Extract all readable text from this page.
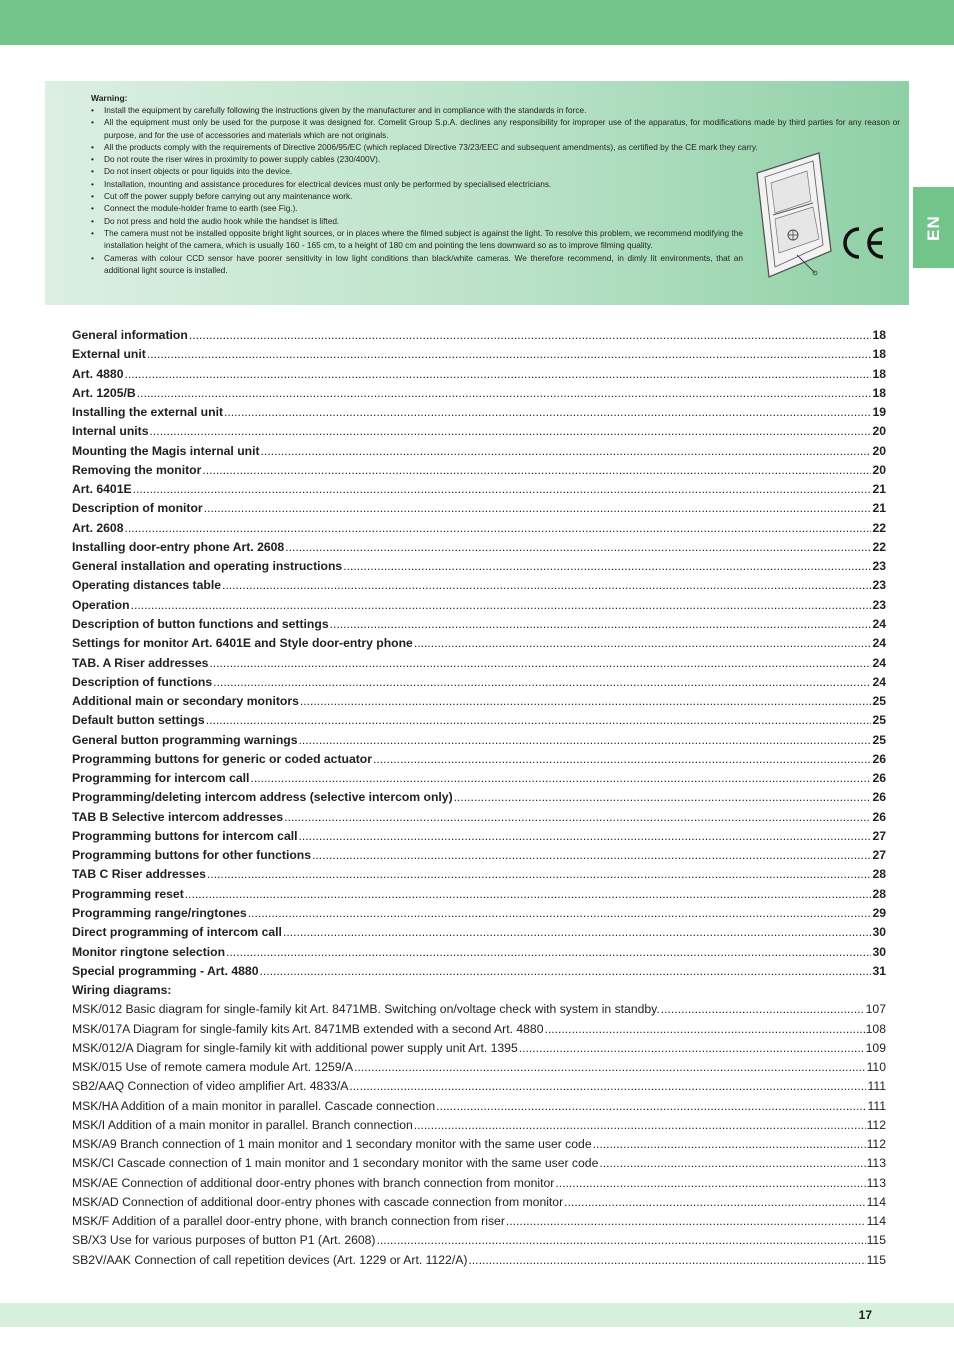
Warning:
• Install the equipment by carefully following the instructions given by the manufacturer and in compliance with the standards in force.
• All the equipment must only be used for the purpose it was designed for. Comelit Group S.p.A. declines any responsibility for improper use of the apparatus, for modifications made by third parties for any reason or purpose, and for the use of accessories and materials which are not originals.
• All the products comply with the requirements of Directive 2006/95/EC (which replaced Directive 73/23/EEC and subsequent amendments), as certified by the CE mark they carry.
• Do not route the riser wires in proximity to power supply cables (230/400V).
• Do not insert objects or pour liquids into the device.
• Installation, mounting and assistance procedures for electrical devices must only be performed by specialised electricians.
• Cut off the power supply before carrying out any maintenance work.
• Connect the module-holder frame to earth (see Fig.).
• Do not press and hold the audio hook while the handset is lifted.
• The camera must not be installed opposite bright light sources, or in places where the filmed subject is against the light. To resolve this problem, we recommend modifying the installation height of the camera, which is usually 160 - 165 cm, to a height of 180 cm and pointing the lens downward so as to improve filming quality.
• Cameras with colour CCD sensor have poorer sensitivity in low light conditions than black/white cameras. We therefore recommend, in dimly lit environments, that an additional light source is installed.
EN
General information .....	18
External unit .....	18
Art. 4880 .....	18
Art. 1205/B .....	18
Installing the external unit .....	19
Internal units .....	20
Mounting the Magis internal unit .....	20
Removing the monitor .....	20
Art. 6401E .....	21
Description of monitor .....	21
Art. 2608 .....	22
Installing door-entry phone Art. 2608 .....	22
General installation and operating instructions .....	23
Operating distances table .....	23
Operation .....	23
Description of button functions and settings .....	24
Settings for monitor Art. 6401E and Style door-entry phone .....	24
TAB. A Riser addresses .....	24
Description of functions .....	24
Additional main or secondary monitors .....	25
Default button settings .....	25
General button programming warnings .....	25
Programming buttons for generic or coded actuator .....	26
Programming for intercom call .....	26
Programming/deleting intercom address (selective intercom only) .....	26
TAB B Selective intercom addresses .....	26
Programming buttons for intercom call .....	27
Programming buttons for other functions .....	27
TAB C Riser addresses .....	28
Programming reset .....	28
Programming range/ringtones .....	29
Direct programming of intercom call .....	30
Monitor ringtone selection .....	30
Special programming - Art. 4880 .....	31
Wiring diagrams:
MSK/012 Basic diagram for single-family kit Art. 8471MB. Switching on/voltage check with system in standby. .....	107
MSK/017A Diagram for single-family kits Art. 8471MB extended with a second Art. 4880 .....	108
MSK/012/A Diagram for single-family kit with additional power supply unit Art. 1395 .....	109
MSK/015 Use of remote camera module Art. 1259/A .....	110
SB2/AAQ Connection of video amplifier Art. 4833/A .....	111
MSK/HA Addition of a main monitor in parallel. Cascade connection .....	111
MSK/I Addition of a main monitor in parallel. Branch connection .....	112
MSK/A9 Branch connection of 1 main monitor and 1 secondary monitor with the same user code .....	112
MSK/CI Cascade connection of 1 main monitor and 1 secondary monitor with the same user code .....	113
MSK/AE Connection of additional door-entry phones with branch connection from monitor .....	113
MSK/AD Connection of additional door-entry phones with cascade connection from monitor .....	114
MSK/F Addition of a parallel door-entry phone, with branch connection from riser .....	114
SB/X3 Use for various purposes of button P1 (Art. 2608) .....	115
SB2V/AAK Connection of call repetition devices (Art. 1229 or Art. 1122/A) .....	115
17
